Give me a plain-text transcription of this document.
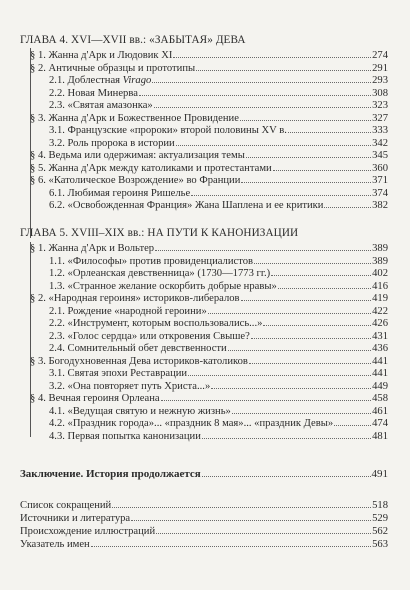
ГЛАВА 4. XVI—XVII вв.: «ЗАБЫТАЯ» ДЕВА
§ 1. Жанна д'Арк и Людовик XI	274
§ 2. Античные образцы и прототипы	291
2.1. Доблестная Virago	293
2.2. Новая Минерва	308
2.3. «Святая амазонка»	323
§ 3. Жанна д'Арк и Божественное Провидение	327
3.1. Французские «пророки» второй половины XV в.	333
3.2. Роль пророка в истории	342
§ 4. Ведьма или одержимая: актуализация темы	345
§ 5. Жанна д'Арк между католиками и протестантами	360
§ 6. «Католическое Возрождение» во Франции	371
6.1. Любимая героиня Ришелье	374
6.2. «Освобожденная Франция» Жана Шаплена и ее критики	382
ГЛАВА 5. XVIII–XIX вв.: НА ПУТИ К КАНОНИЗАЦИИ
§ 1. Жанна д'Арк и Вольтер	389
1.1. «Философы» против провиденциалистов	389
1.2. «Орлеанская девственница» (1730—1773 гг.)	402
1.3. «Странное желание оскорбить добрые нравы»	416
§ 2. «Народная героиня» историков-либералов	419
2.1. Рождение «народной героини»	422
2.2. «Инструмент, которым воспользовались...»	426
2.3. «Голос сердца» или откровения Свыше?	431
2.4. Сомнительный обет девственности	436
§ 3. Богодухновенная Дева историков-католиков	441
3.1. Святая эпохи Реставрации	441
3.2. «Она повторяет путь Христа...»	449
§ 4. Вечная героиня Орлеана	458
4.1. «Ведущая святую и нежную жизнь»	461
4.2. «Праздник города»... «праздник 8 мая»... «праздник Девы»	474
4.3. Первая попытка канонизации	481
Заключение. История продолжается	491
Список сокращений	518
Источники и литература	529
Происхождение иллюстраций	562
Указатель имен	563
